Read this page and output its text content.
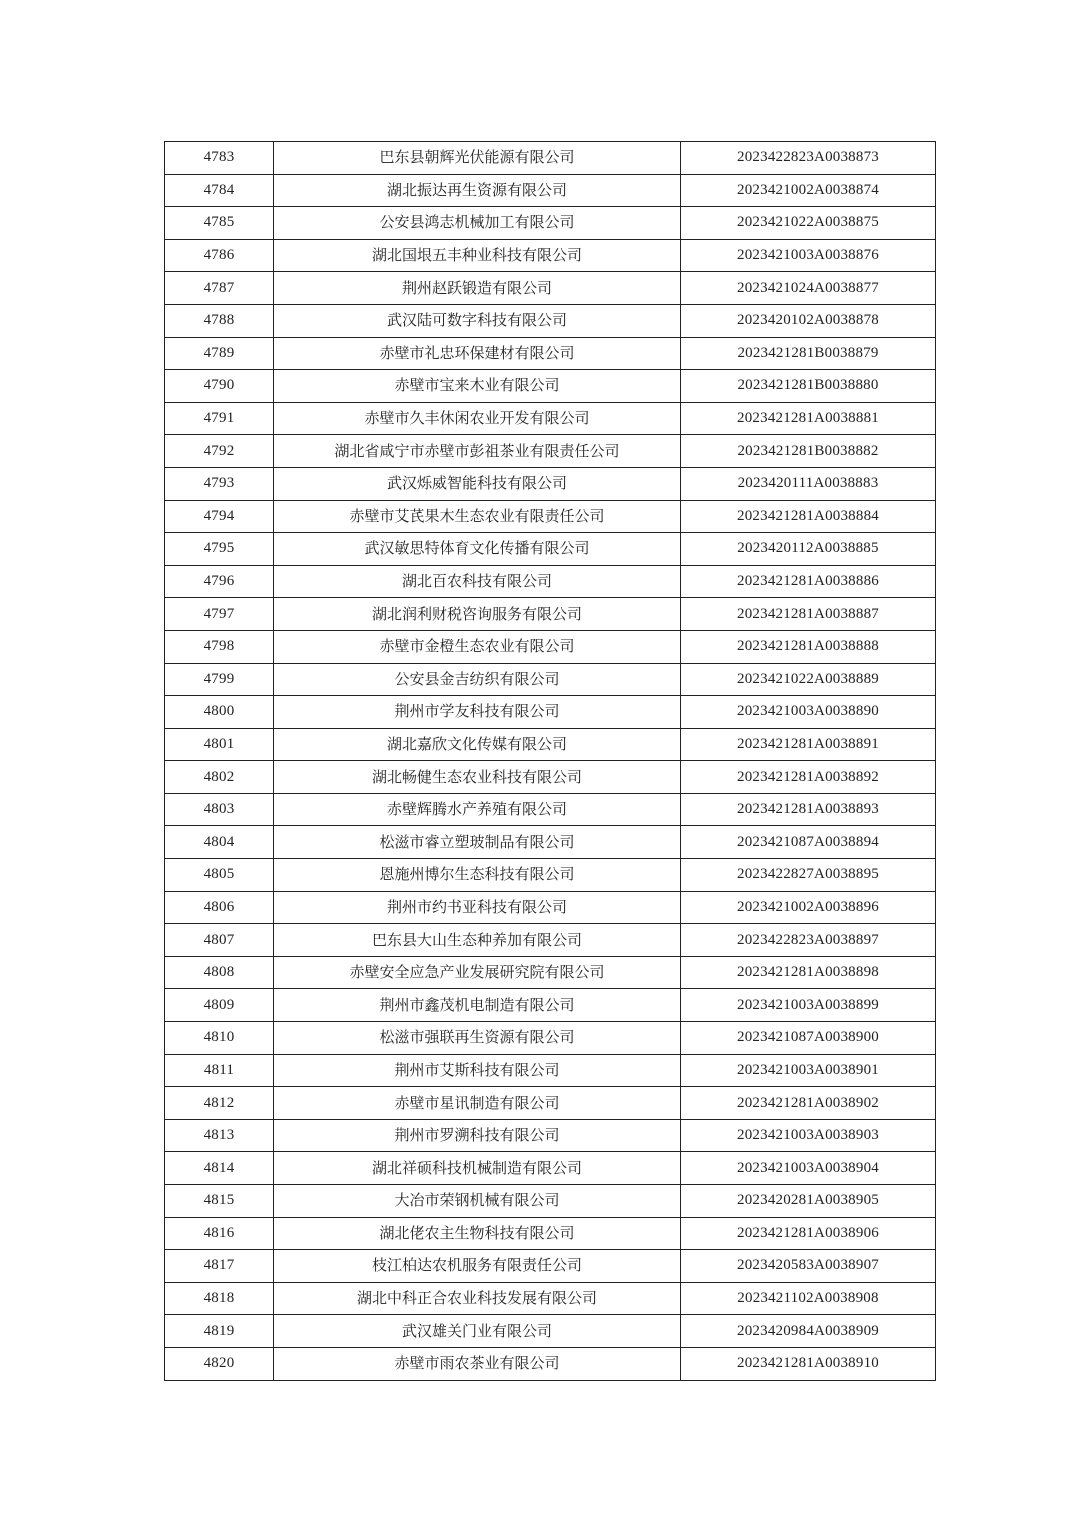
4783	巴东县朝辉光伏能源有限公司	2023422823A0038873
4784	湖北振达再生资源有限公司	2023421002A0038874
4785	公安县鸿志机械加工有限公司	2023421022A0038875
4786	湖北国垠五丰种业科技有限公司	2023421003A0038876
4787	荆州赵跃锻造有限公司	2023421024A0038877
4788	武汉陆可数字科技有限公司	2023420102A0038878
4789	赤壁市礼忠环保建材有限公司	2023421281B0038879
4790	赤壁市宝来木业有限公司	2023421281B0038880
4791	赤壁市久丰休闲农业开发有限公司	2023421281A0038881
4792	湖北省咸宁市赤壁市彭祖茶业有限责任公司	2023421281B0038882
4793	武汉烁威智能科技有限公司	2023420111A0038883
4794	赤壁市艾芪果木生态农业有限责任公司	2023421281A0038884
4795	武汉敏思特体育文化传播有限公司	2023420112A0038885
4796	湖北百农科技有限公司	2023421281A0038886
4797	湖北润利财税咨询服务有限公司	2023421281A0038887
4798	赤壁市金橙生态农业有限公司	2023421281A0038888
4799	公安县金吉纺织有限公司	2023421022A0038889
4800	荆州市学友科技有限公司	2023421003A0038890
4801	湖北嘉欣文化传媒有限公司	2023421281A0038891
4802	湖北畅健生态农业科技有限公司	2023421281A0038892
4803	赤壁辉腾水产养殖有限公司	2023421281A0038893
4804	松滋市睿立塑玻制品有限公司	2023421087A0038894
4805	恩施州博尔生态科技有限公司	2023422827A0038895
4806	荆州市约书亚科技有限公司	2023421002A0038896
4807	巴东县大山生态种养加有限公司	2023422823A0038897
4808	赤壁安全应急产业发展研究院有限公司	2023421281A0038898
4809	荆州市鑫茂机电制造有限公司	2023421003A0038899
4810	松滋市强联再生资源有限公司	2023421087A0038900
4811	荆州市艾斯科技有限公司	2023421003A0038901
4812	赤壁市星讯制造有限公司	2023421281A0038902
4813	荆州市罗溯科技有限公司	2023421003A0038903
4814	湖北祥硕科技机械制造有限公司	2023421003A0038904
4815	大冶市荣钢机械有限公司	2023420281A0038905
4816	湖北佬农主生物科技有限公司	2023421281A0038906
4817	枝江柏达农机服务有限责任公司	2023420583A0038907
4818	湖北中科正合农业科技发展有限公司	2023421102A0038908
4819	武汉雄关门业有限公司	2023420984A0038909
4820	赤壁市雨农茶业有限公司	2023421281A0038910
